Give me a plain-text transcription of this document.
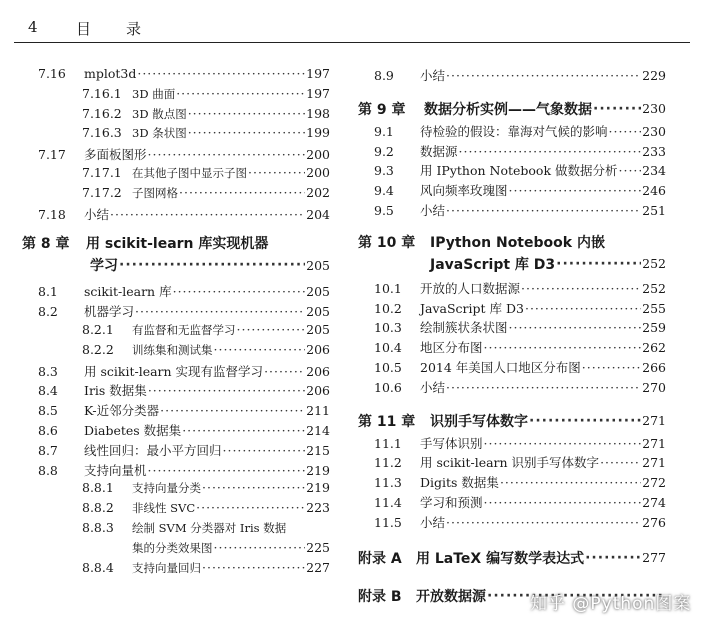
4	目 录
7.16	mplot3d ·····	197
7.16.1 3D 曲面 ·····	197
7.16.2 3D 散点图 ·····	198
7.16.3 3D 条状图 ·····	199
7.17	多面板图形 ·····	200
7.17.1 在其他子图中显示子图 ·····	200
7.17.2 子图网格 ·····	202
7.18	小结 ·····	204
第 8 章	用 scikit-learn 库实现机器
学习 ·····	205
8.1	scikit-learn 库 ·····	205
8.2	机器学习 ·····	205
8.2.1	有监督和无监督学习 ·····	205
8.2.2	训练集和测试集 ·····	206
8.3	用 scikit-learn 实现有监督学习 ·····	206
8.4	Iris 数据集 ·····	206
8.5	K-近邻分类器 ·····	211
8.6	Diabetes 数据集 ·····	214
8.7	线性回归：最小平方回归 ·····	215
8.8	支持向量机 ·····	219
8.8.1	支持向量分类 ·····	219
8.8.2	非线性 SVC ·····	223
8.8.3	绘制 SVM 分类器对 Iris 数据
集的分类效果图 ·····	225
8.8.4	支持向量回归 ·····	227
8.9	小结 ·····	229
第 9 章	数据分析实例——气象数据 ·····	230
9.1	待检验的假设：靠海对气候的影响 ·····	230
9.2	数据源 ·····	233
9.3	用 IPython Notebook 做数据分析 ····· 234
9.4	风向频率玫瑰图 ·····	246
9.5	小结 ·····	251
第 10 章	IPython Notebook 内嵌
JavaScript 库 D3 ·····	252
10.1	开放的人口数据源 ·····	252
10.2	JavaScript 库 D3 ·····	255
10.3	绘制簇状条状图 ·····	259
10.4	地区分布图 ·····	262
10.5	2014 年美国人口地区分布图 ·····	266
10.6	小结 ·····	270
第 11 章	识别手写体数字 ·····	271
11.1	手写体识别 ·····	271
11.2	用 scikit-learn 识别手写体数字 ·····	271
11.3	Digits 数据集 ·····	272
11.4	学习和预测 ·····	274
11.5	小结 ·····	276
附录 A	用 LaTeX 编写数学表达式 ·····	277
附录 B	开放数据源 ·····	知乎 @Python图案
